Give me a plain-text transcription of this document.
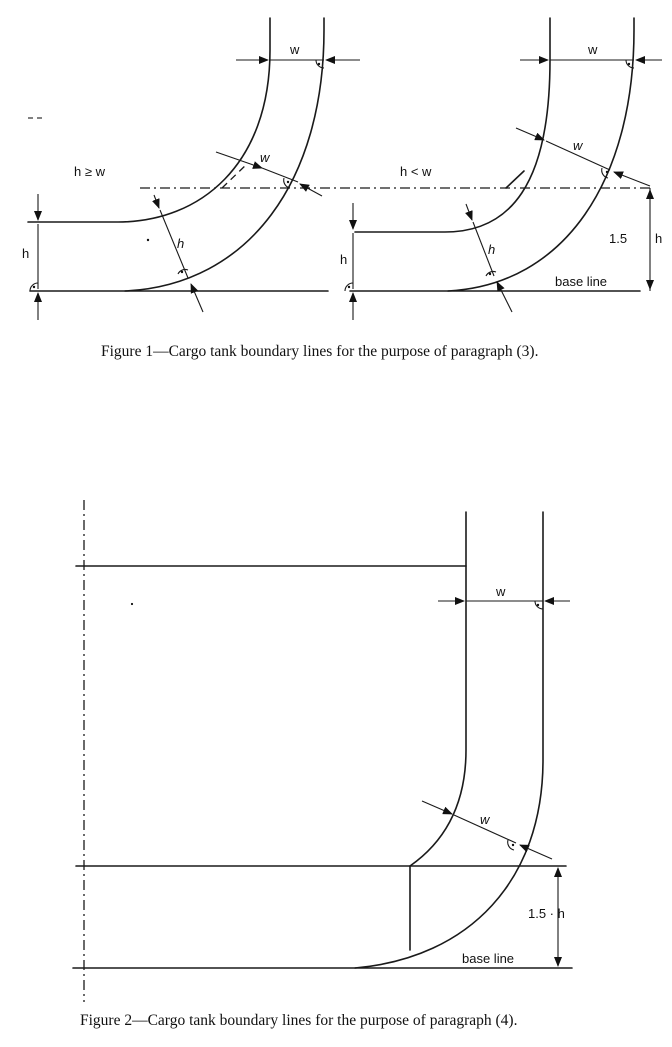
w
w
h
h ≥ w
h
w
w
h
h < w
h
1.5 h
base line
Figure 1—Cargo tank boundary lines for the purpose of paragraph (3).
w
w
1.5 · h
base line
Figure 2—Cargo tank boundary lines for the purpose of paragraph (4).
